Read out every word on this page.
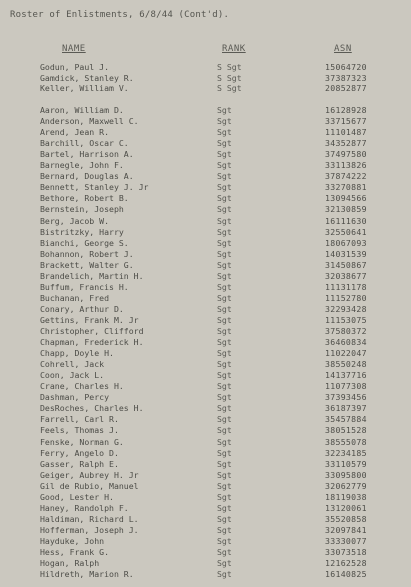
Roster of Enlistments, 6/8/44 (Cont'd).
NAME	RANK	ASN
Godun, Paul J.	S Sgt	15064720
Gamdick, Stanley R.	S Sgt	37387323
Keller, William V.	S Sgt	20852877
Aaron, William D.	Sgt	16128928
Anderson, Maxwell C.	Sgt	33715677
Arend, Jean R.	Sgt	11101487
Barchill, Oscar C.	Sgt	34352877
Bartel, Harrison A.	Sgt	37497580
Barnegle, John F.	Sgt	33113826
Bernard, Douglas A.	Sgt	37874222
Bennett, Stanley J. Jr	Sgt	33270881
Bethore, Robert B.	Sgt	13094566
Bernstein, Joseph	Sgt	32130859
Berg, Jacob W.	Sgt	16111630
Bistritzky, Harry	Sgt	32550641
Bianchi, George S.	Sgt	18067093
Bohannon, Robert J.	Sgt	14031539
Brackett, Walter G.	Sgt	31450867
Brandelich, Martin H.	Sgt	32038677
Buffum, Francis H.	Sgt	11131178
Buchanan, Fred	Sgt	11152780
Conary, Arthur D.	Sgt	32293428
Gettins, Frank M. Jr	Sgt	11153075
Christopher, Clifford	Sgt	37580372
Chapman, Frederick H.	Sgt	36460834
Chapp, Doyle H.	Sgt	11022047
Cohrell, Jack	Sgt	38550248
Coon, Jack L.	Sgt	14137716
Crane, Charles H.	Sgt	11077308
Dashman, Percy	Sgt	37393456
DesRoches, Charles H.	Sgt	36187397
Farrell, Carl R.	Sgt	35457884
Feels, Thomas J.	Sgt	38051528
Fenske, Norman G.	Sgt	38555078
Ferry, Angelo D.	Sgt	32234185
Gasser, Ralph E.	Sgt	33110579
Geiger, Aubrey H. Jr	Sgt	33095800
Gil de Rubio, Manuel	Sgt	32062779
Good, Lester H.	Sgt	18119038
Haney, Randolph F.	Sgt	13120061
Haldiman, Richard L.	Sgt	35520858
Hofferman, Joseph J.	Sgt	32097841
Hayduke, John	Sgt	33330077
Hess, Frank G.	Sgt	33073518
Hogan, Ralph	Sgt	12162528
Hildreth, Marion R.	Sgt	16140825
